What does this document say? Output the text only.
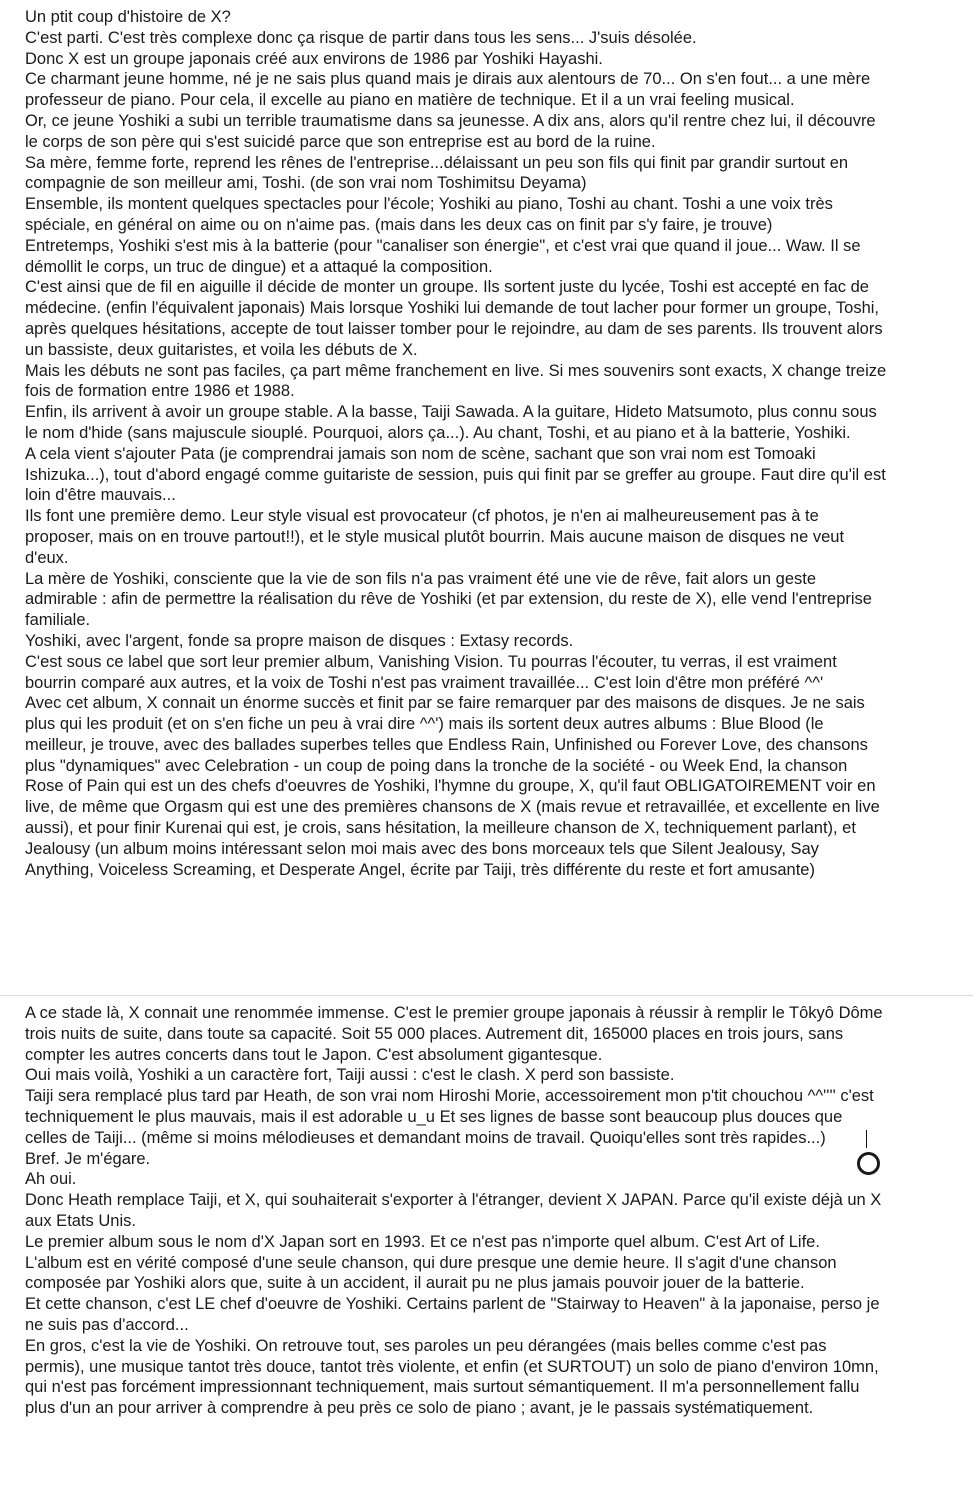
Un ptit coup d'histoire de X?

C'est parti. C'est très complexe donc ça risque de partir dans tous les sens... J'suis désolée.

Donc X est un groupe japonais créé aux environs de 1986 par Yoshiki Hayashi.

Ce charmant jeune homme, né je ne sais plus quand mais je dirais aux alentours de 70... On s'en fout... a une mère professeur de piano. Pour cela, il excelle au piano en matière de technique. Et il a un vrai feeling musical.

Or, ce jeune Yoshiki a subi un terrible traumatisme dans sa jeunesse. A dix ans, alors qu'il rentre chez lui, il découvre le corps de son père qui s'est suicidé parce que son entreprise est au bord de la ruine.

Sa mère, femme forte, reprend les rênes de l'entreprise...délaissant un peu son fils qui finit par grandir surtout en compagnie de son meilleur ami, Toshi. (de son vrai nom Toshimitsu Deyama)

Ensemble, ils montent quelques spectacles pour l'école; Yoshiki au piano, Toshi au chant. Toshi a une voix très spéciale, en général on aime ou on n'aime pas. (mais dans les deux cas on finit par s'y faire, je trouve)

Entretemps, Yoshiki s'est mis à la batterie (pour "canaliser son énergie", et c'est vrai que quand il joue... Waw. Il se démollit le corps, un truc de dingue) et a attaqué la composition.

C'est ainsi que de fil en aiguille il décide de monter un groupe. Ils sortent juste du lycée, Toshi est accepté en fac de médecine. (enfin l'équivalent japonais) Mais lorsque Yoshiki lui demande de tout lacher pour former un groupe, Toshi, après quelques hésitations, accepte de tout laisser tomber pour le rejoindre, au dam de ses parents. Ils trouvent alors un bassiste, deux guitaristes, et voila les débuts de X.

Mais les débuts ne sont pas faciles, ça part même franchement en live. Si mes souvenirs sont exacts, X change treize fois de formation entre 1986 et 1988.

Enfin, ils arrivent à avoir un groupe stable. A la basse, Taiji Sawada. A la guitare, Hideto Matsumoto, plus connu sous le nom d'hide (sans majuscule siouplé. Pourquoi, alors ça...). Au chant, Toshi, et au piano et à la batterie, Yoshiki.

A cela vient s'ajouter Pata (je comprendrai jamais son nom de scène, sachant que son vrai nom est Tomoaki Ishizuka...), tout d'abord engagé comme guitariste de session, puis qui finit par se greffer au groupe. Faut dire qu'il est loin d'être mauvais...

Ils font une première demo. Leur style visual est provocateur (cf photos, je n'en ai malheureusement pas à te proposer, mais on en trouve partout!!), et le style musical plutôt bourrin. Mais aucune maison de disques ne veut d'eux.

La mère de Yoshiki, consciente que la vie de son fils n'a pas vraiment été une vie de rêve, fait alors un geste admirable : afin de permettre la réalisation du rêve de Yoshiki (et par extension, du reste de X), elle vend l'entreprise familiale.

Yoshiki, avec l'argent, fonde sa propre maison de disques : Extasy records.

C'est sous ce label que sort leur premier album, Vanishing Vision. Tu pourras l'écouter, tu verras, il est vraiment bourrin comparé aux autres, et la voix de Toshi n'est pas vraiment travaillée... C'est loin d'être mon préféré ^^'

Avec cet album, X connait un énorme succès et finit par se faire remarquer par des maisons de disques. Je ne sais plus qui les produit (et on s'en fiche un peu à vrai dire ^^') mais ils sortent deux autres albums : Blue Blood (le meilleur, je trouve, avec des ballades superbes telles que Endless Rain, Unfinished ou Forever Love, des chansons plus "dynamiques" avec Celebration - un coup de poing dans la tronche de la société - ou Week End, la chanson Rose of Pain qui est un des chefs d'oeuvres de Yoshiki, l'hymne du groupe, X, qu'il faut OBLIGATOIREMENT voir en live, de même que Orgasm qui est une des premières chansons de X (mais revue et retravaillée, et excellente en live aussi), et pour finir Kurenai qui est, je crois, sans hésitation, la meilleure chanson de X, techniquement parlant), et Jealousy (un album moins intéressant selon moi mais avec des bons morceaux tels que Silent Jealousy, Say Anything, Voiceless Screaming, et Desperate Angel, écrite par Taiji, très différente du reste et fort amusante)

A ce stade là, X connait une renommée immense. C'est le premier groupe japonais à réussir à remplir le Tôkyô Dôme trois nuits de suite, dans toute sa capacité. Soit 55 000 places. Autrement dit, 165000 places en trois jours, sans compter les autres concerts dans tout le Japon. C'est absolument gigantesque.

Oui mais voilà, Yoshiki a un caractère fort, Taiji aussi : c'est le clash. X perd son bassiste.

Taiji sera remplacé plus tard par Heath, de son vrai nom Hiroshi Morie, accessoirement mon p'tit chouchou ^^'''' c'est techniquement le plus mauvais, mais il est adorable u_u Et ses lignes de basse sont beaucoup plus douces que celles de Taiji... (même si moins mélodieuses et demandant moins de travail. Quoiqu'elles sont très rapides...)

Bref. Je m'égare.

Ah oui.

Donc Heath remplace Taiji, et X, qui souhaiterait s'exporter à l'étranger, devient X JAPAN. Parce qu'il existe déjà un X aux Etats Unis.

Le premier album sous le nom d'X Japan sort en 1993. Et ce n'est pas n'importe quel album. C'est Art of Life.

L'album est en vérité composé d'une seule chanson, qui dure presque une demie heure. Il s'agit d'une chanson composée par Yoshiki alors que, suite à un accident, il aurait pu ne plus jamais pouvoir jouer de la batterie.

Et cette chanson, c'est LE chef d'oeuvre de Yoshiki. Certains parlent de "Stairway to Heaven" à la japonaise, perso je ne suis pas d'accord...

En gros, c'est la vie de Yoshiki. On retrouve tout, ses paroles un peu dérangées (mais belles comme c'est pas permis), une musique tantot très douce, tantot très violente, et enfin (et SURTOUT) un solo de piano d'environ 10mn, qui n'est pas forcément impressionnant techniquement, mais surtout sémantiquement. Il m'a personnellement fallu plus d'un an pour arriver à comprendre à peu près ce solo de piano ; avant, je le passais systématiquement.
